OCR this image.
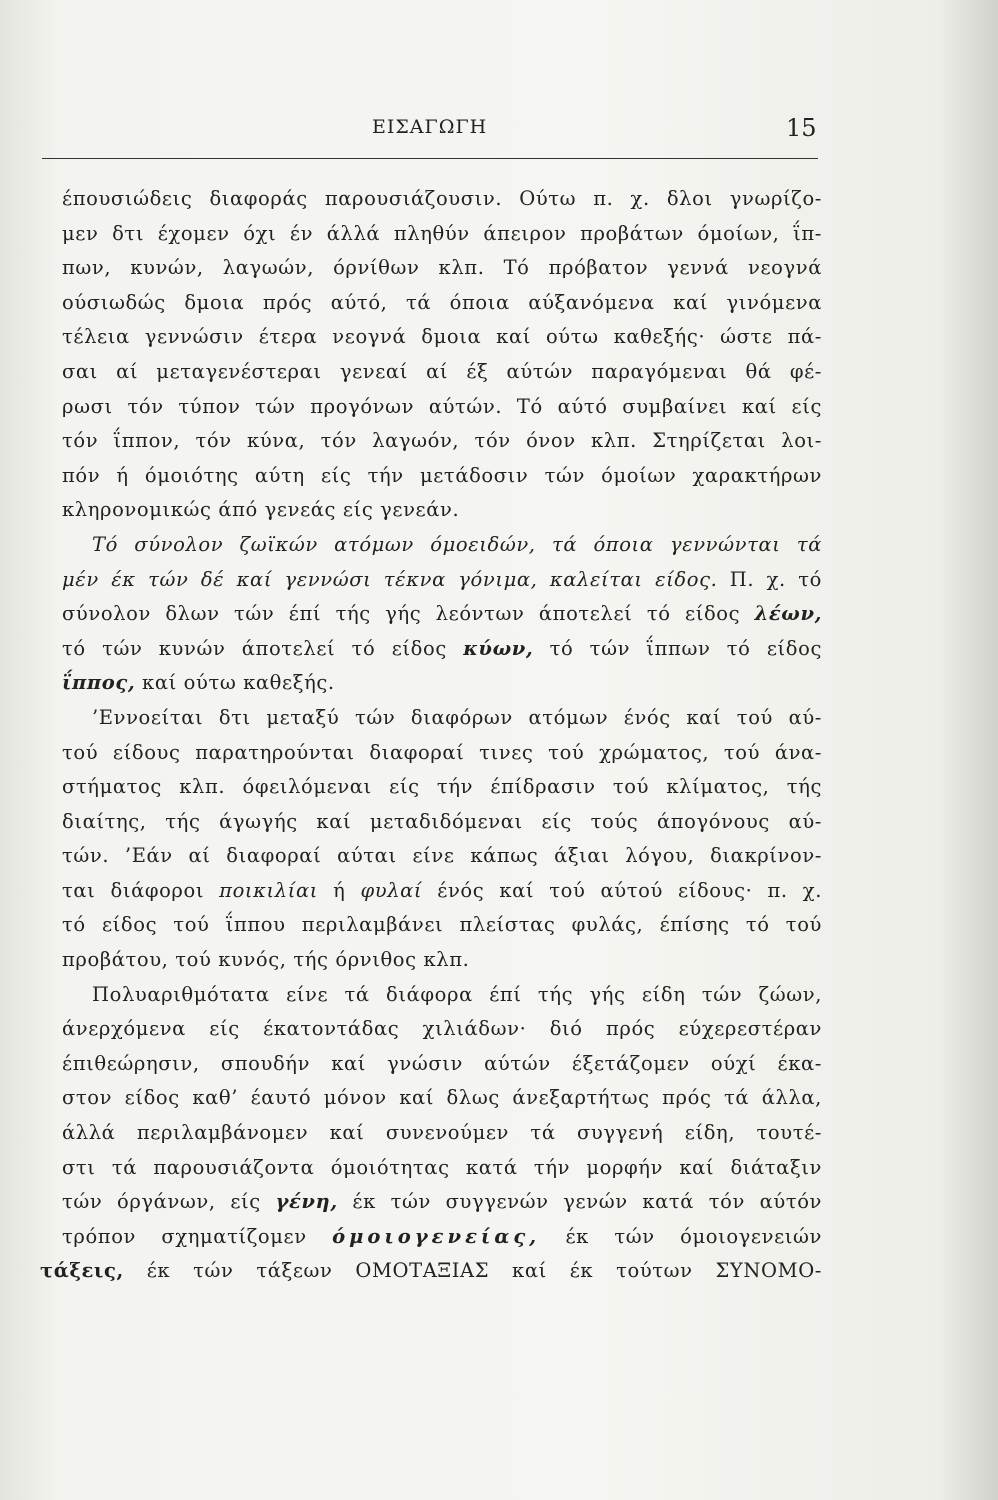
ΕΙΣΑΓΩΓΗ	15
έπουσιώδεις διαφοράς παρουσιάζουσιν. Ούτω π. χ. δλοι γνωρίζο-
μεν δτι έχομεν όχι έν άλλά πληθύν άπειρον προβάτων όμοίων, ΐπ-
πων, κυνών, λαγωών, όρνίθων κλπ. Τό πρόβατον γεννά νεογνά
ούσιωδώς δμοια πρός αύτό, τά όποια αύξανόμενα καί γινόμενα
τέλεια γεννώσιν έτερα νεογνά δμοια καί ούτω καθεξής· ώστε πά-
σαι αί μεταγενέστεραι γενεαί αί έξ αύτών παραγόμεναι θά φέ-
ρωσι τόν τύπον τών προγόνων αύτών. Τό αύτό συμβαίνει καί είς
τόν ΐππον, τόν κύνα, τόν λαγωόν, τόν όνον κλπ. Στηρίζεται λοι-
πόν ή όμοιότης αύτη είς τήν μετάδοσιν τών όμοίων χαρακτήρων
κληρονομικώς άπό γενεάς είς γενεάν.
Τό σύνολον ζωϊκών ατόμων όμοειδών, τά όποια γεννώνται τά
μέν έκ τών δέ καί γεννώσι τέκνα γόνιμα, καλείται είδος. Π. χ. τό
σύνολον δλων τών έπί τής γής λεόντων άποτελεί τό είδος λέων,
τό τών κυνών άποτελεί τό είδος κύων, τό τών ΐππων τό είδος
ΐππος, καί ούτω καθεξής.
’Εννοείται δτι μεταξύ τών διαφόρων ατόμων ένός καί τού αύ-
τού είδους παρατηρούνται διαφοραί τινες τού χρώματος, τού άνα-
στήματος κλπ. όφειλόμεναι είς τήν έπίδρασιν τού κλίματος, τής
διαίτης, τής άγωγής καί μεταδιδόμεναι είς τούς άπογόνους αύ-
τών. ’Εάν αί διαφοραί αύται είνε κάπως άξιαι λόγου, διακρίνον-
ται διάφοροι ποικιλίαι ή φυλαί ένός καί τού αύτού είδους· π. χ.
τό είδος τού ΐππου περιλαμβάνει πλείστας φυλάς, έπίσης τό τού
προβάτου, τού κυνός, τής όρνιθος κλπ.
Πολυαριθμότατα είνε τά διάφορα έπί τής γής είδη τών ζώων,
άνερχόμενα είς έκατοντάδας χιλιάδων· διό πρός εύχερεστέραν
έπιθεώρησιν, σπουδήν καί γνώσιν αύτών έξετάζομεν ούχί έκα-
στον είδος καθ’ έαυτό μόνον καί δλως άνεξαρτήτως πρός τά άλλα,
άλλά περιλαμβάνομεν καί συνενούμεν τά συγγενή είδη, τουτέ-
στι τά παρουσιάζοντα όμοιότητας κατά τήν μορφήν καί διάταξιν
τών όργάνων, είς γένη, έκ τών συγγενών γενών κατά τόν αύτόν
τρόπον σχηματίζομεν όμοιογενείας, έκ τών όμοιογενειών
τάξεις, έκ τών τάξεων ΟΜΟΤΑΞΙΑΣ καί έκ τούτων ΣΥΝΟΜΟ-
